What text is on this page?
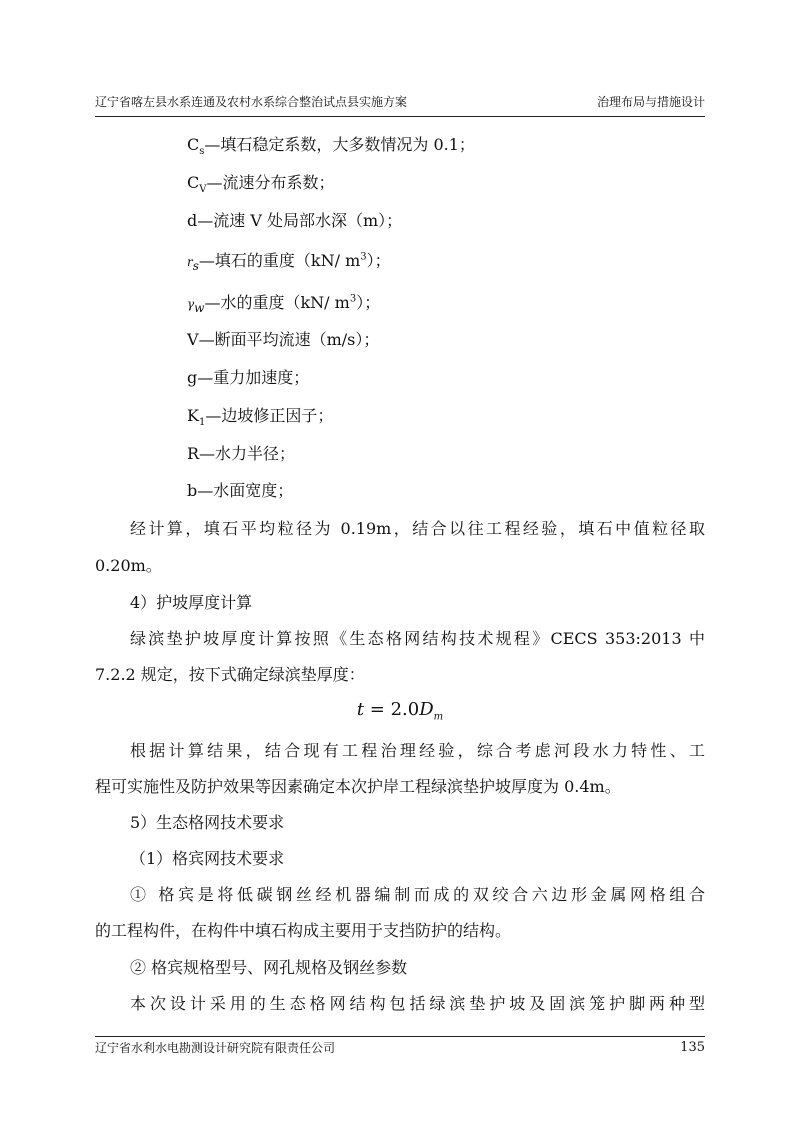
辽宁省喀左县水系连通及农村水系综合整治试点县实施方案	治理布局与措施设计
$C_s—$填石稳定系数，大多数情况为 0.1；
$C_V—$流速分布系数；
d—流速 V 处局部水深（m）；
$r_s—$填石的重度（kN/ $m^3$）；
$\gamma_w—$水的重度（kN/ $m^3$）；
V—断面平均流速（m/s）；
g—重力加速度；
$K_1—$边坡修正因子；
R—水力半径；
b—水面宽度；
经计算，填石平均粒径为 0.19m，结合以往工程经验，填石中值粒径取
0.20m。
4）护坡厚度计算
绿滨垫护坡厚度计算按照《生态格网结构技术规程》CECS 353:2013 中
7.2.2 规定，按下式确定绿滨垫厚度：
$t = 2.0D_m$
根据计算结果，结合现有工程治理经验，综合考虑河段水力特性、工
程可实施性及防护效果等因素确定本次护岸工程绿滨垫护坡厚度为 0.4m。
5）生态格网技术要求
（1）格宾网技术要求
① 格宾是将低碳钢丝经机器编制而成的双绞合六边形金属网格组合
的工程构件，在构件中填石构成主要用于支挡防护的结构。
② 格宾规格型号、网孔规格及钢丝参数
本次设计采用的生态格网结构包括绿滨垫护坡及固滨笼护脚两种型
辽宁省水利水电勘测设计研究院有限责任公司	135
